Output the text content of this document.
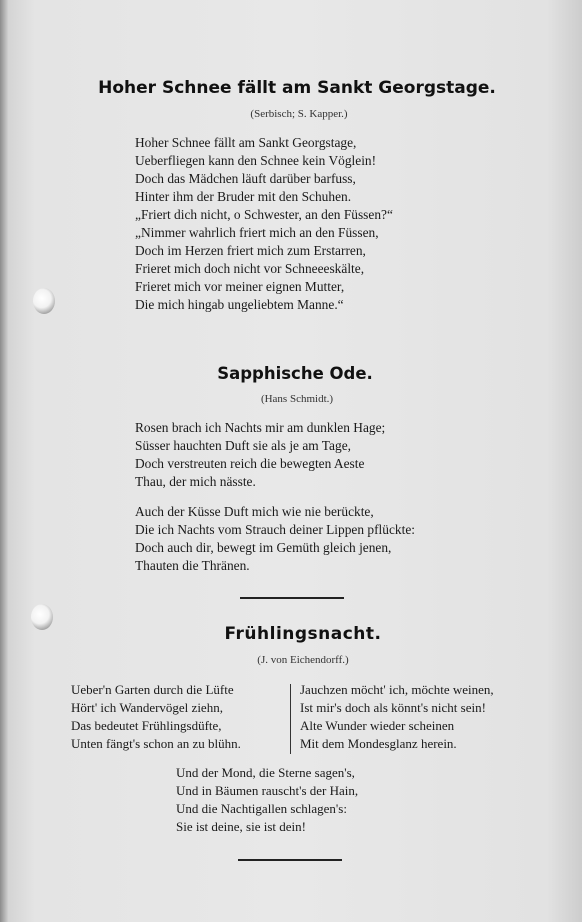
Hoher Schnee fällt am Sankt Georgstage.
(Serbisch; S. Kapper.)
Hoher Schnee fällt am Sankt Georgstage,
Ueberfliegen kann den Schnee kein Vöglein!
Doch das Mädchen läuft darüber barfuss,
Hinter ihm der Bruder mit den Schuhen.
„Friert dich nicht, o Schwester, an den Füssen?“
„Nimmer wahrlich friert mich an den Füssen,
Doch im Herzen friert mich zum Erstarren,
Frieret mich doch nicht vor Schneeeskälte,
Frieret mich vor meiner eignen Mutter,
Die mich hingab ungeliebtem Manne.“
Sapphische Ode.
(Hans Schmidt.)
Rosen brach ich Nachts mir am dunklen Hage;
Süsser hauchten Duft sie als je am Tage,
Doch verstreuten reich die bewegten Aeste
Thau, der mich nässte.
Auch der Küsse Duft mich wie nie berückte,
Die ich Nachts vom Strauch deiner Lippen pflückte:
Doch auch dir, bewegt im Gemüth gleich jenen,
Thauten die Thränen.
Frühlingsnacht.
(J. von Eichendorff.)
Ueber'n Garten durch die Lüfte
Hört' ich Wandervögel ziehn,
Das bedeutet Frühlingsdüfte,
Unten fängt's schon an zu blühn.
Jauchzen möcht' ich, möchte weinen,
Ist mir's doch als könnt's nicht sein!
Alte Wunder wieder scheinen
Mit dem Mondesglanz herein.
Und der Mond, die Sterne sagen's,
Und in Bäumen rauscht's der Hain,
Und die Nachtigallen schlagen's:
Sie ist deine, sie ist dein!
